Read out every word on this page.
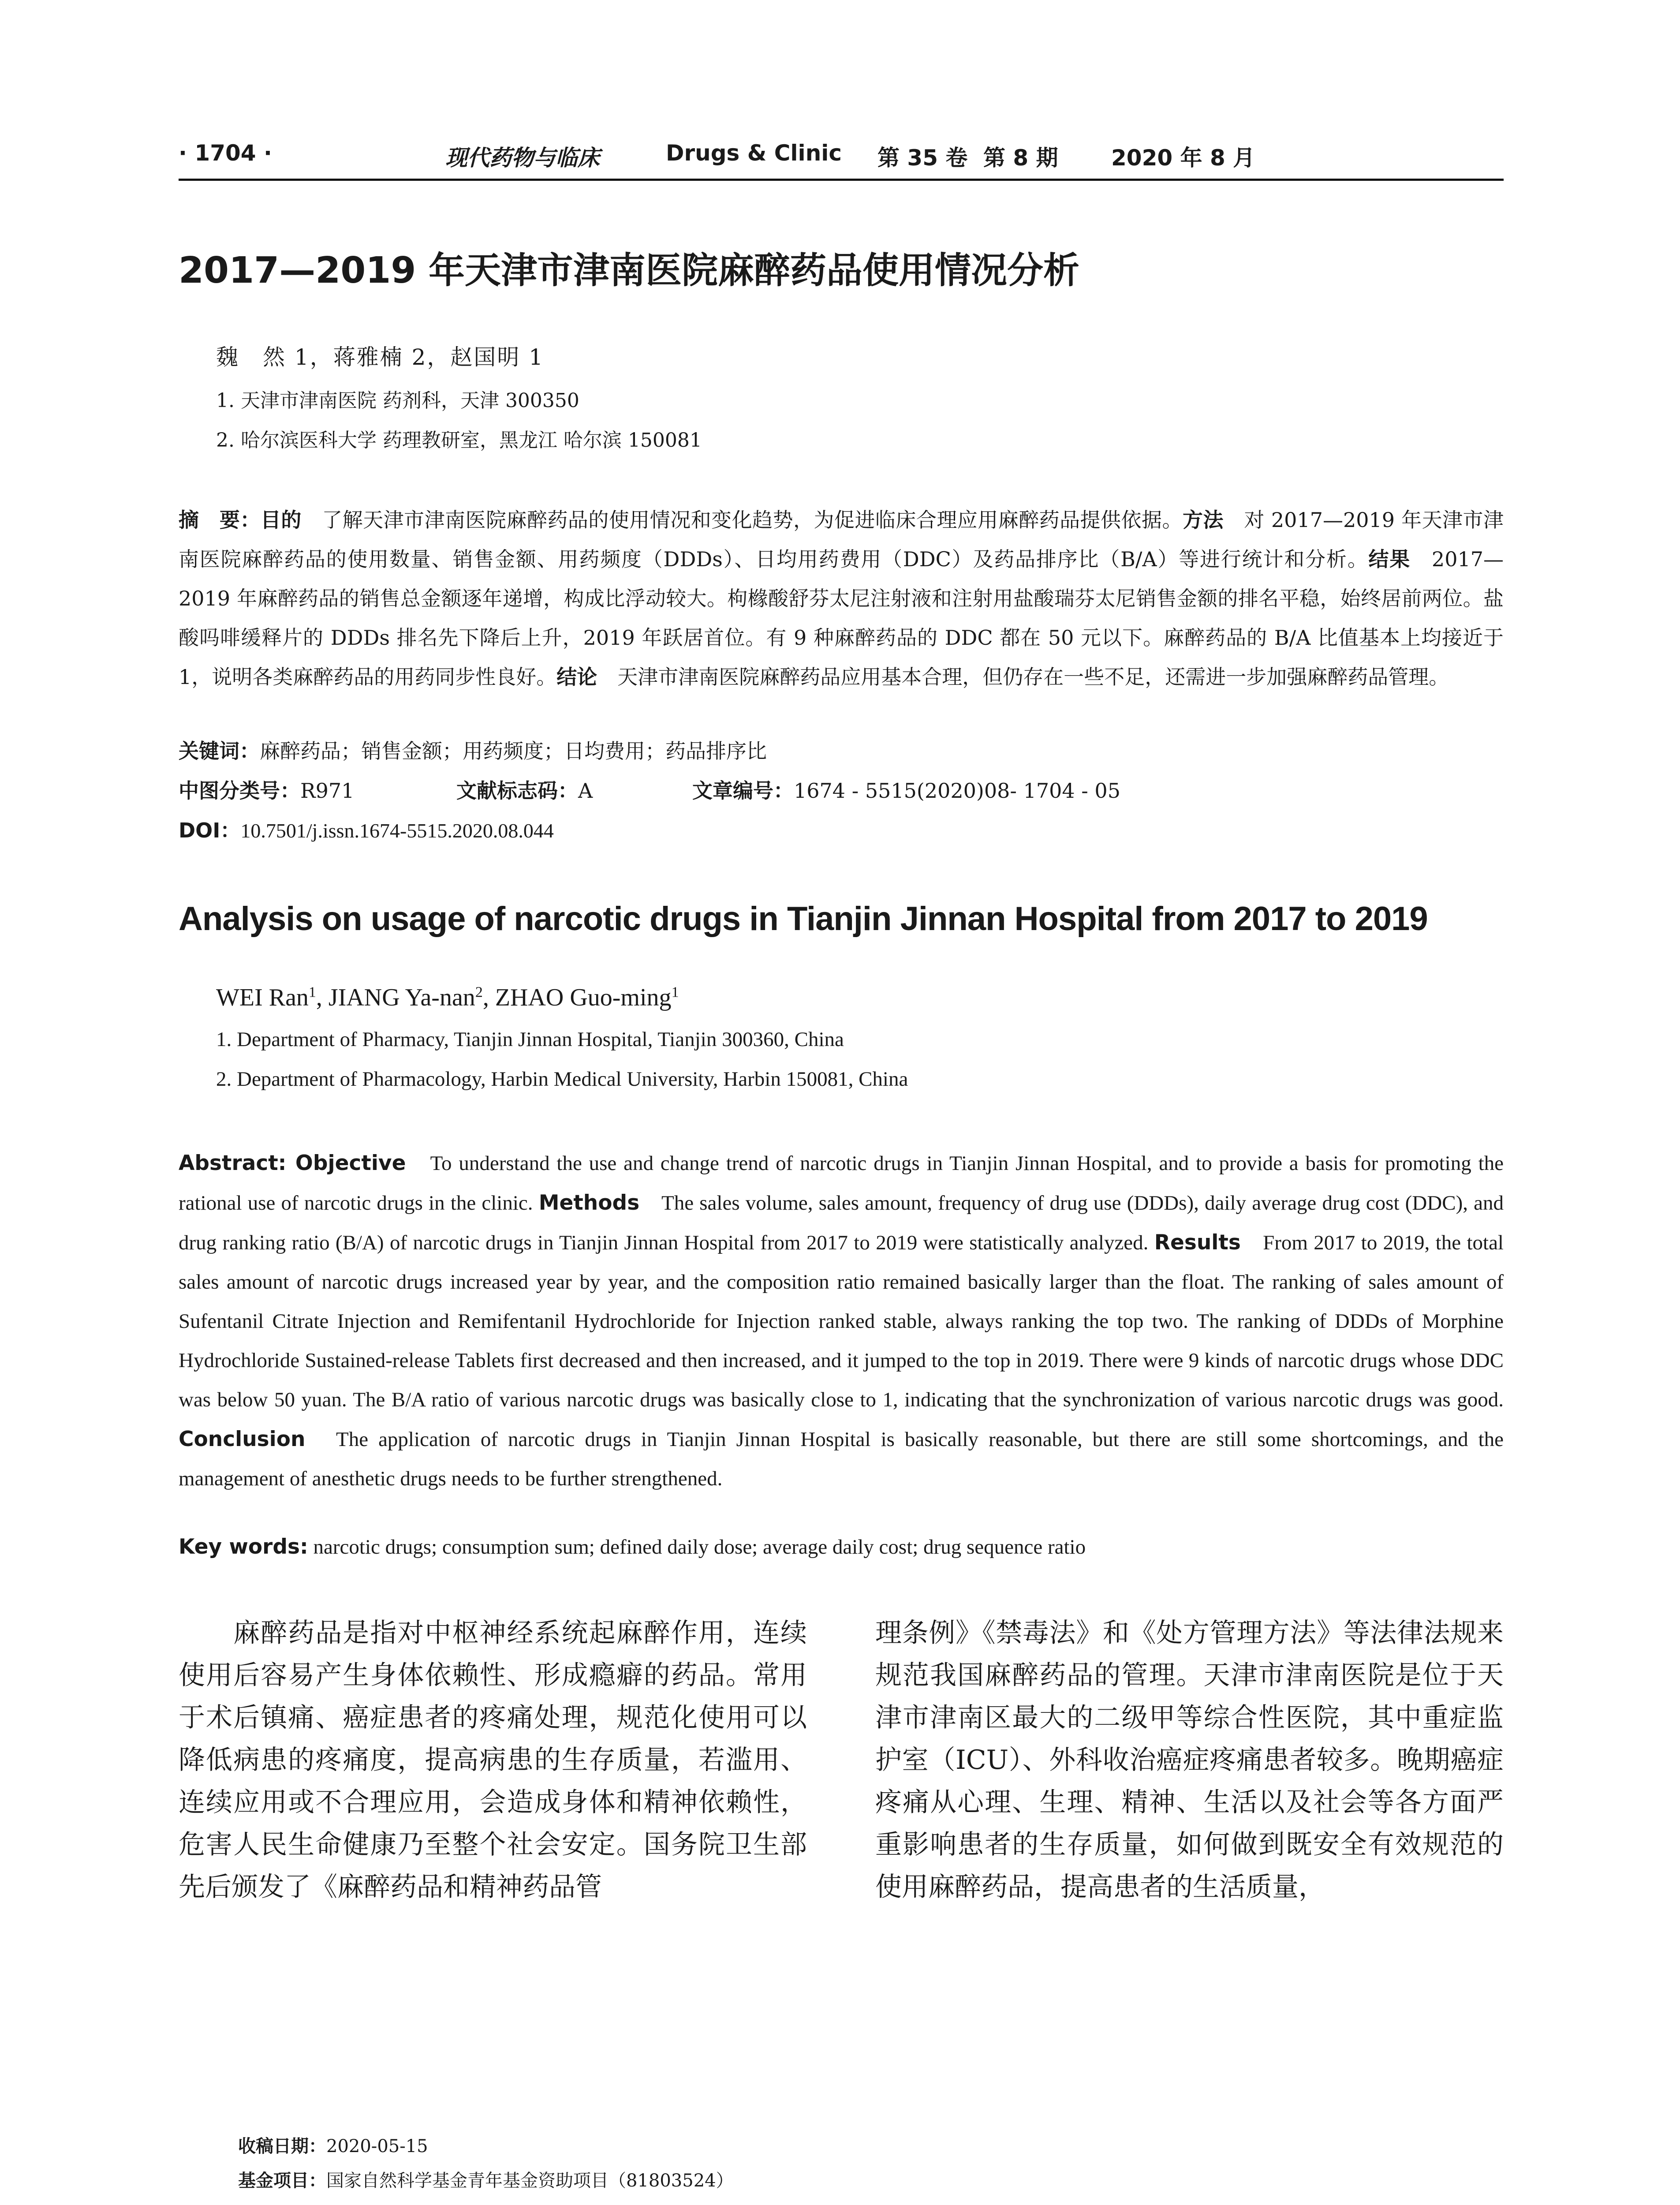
· 1704 ·	现代药物与临床	Drugs & Clinic 第 35 卷 第 8 期 2020 年 8 月
2017—2019 年天津市津南医院麻醉药品使用情况分析
魏　然 1，蒋雅楠 2，赵国明 1
1. 天津市津南医院 药剂科，天津 300350
2. 哈尔滨医科大学 药理教研室，黑龙江 哈尔滨 150081
摘　要：目的　了解天津市津南医院麻醉药品的使用情况和变化趋势，为促进临床合理应用麻醉药品提供依据。方法　对 2017—2019 年天津市津南医院麻醉药品的使用数量、销售金额、用药频度（DDDs）、日均用药费用（DDC）及药品排序比（B/A）等进行统计和分析。结果　2017—2019 年麻醉药品的销售总金额逐年递增，构成比浮动较大。枸橼酸舒芬太尼注射液和注射用盐酸瑞芬太尼销售金额的排名平稳，始终居前两位。盐酸吗啡缓释片的 DDDs 排名先下降后上升，2019 年跃居首位。有 9 种麻醉药品的 DDC 都在 50 元以下。麻醉药品的 B/A 比值基本上均接近于 1，说明各类麻醉药品的用药同步性良好。结论　天津市津南医院麻醉药品应用基本合理，但仍存在一些不足，还需进一步加强麻醉药品管理。
关键词：麻醉药品；销售金额；用药频度；日均费用；药品排序比
中图分类号：R971	文献标志码：A	文章编号：1674 - 5515(2020)08- 1704 - 05
DOI：10.7501/j.issn.1674-5515.2020.08.044
Analysis on usage of narcotic drugs in Tianjin Jinnan Hospital from 2017 to 2019
WEI Ran$^1$, JIANG Ya-nan$^2$, ZHAO Guo-ming$^1$
1. Department of Pharmacy, Tianjin Jinnan Hospital, Tianjin 300360, China
2. Department of Pharmacology, Harbin Medical University, Harbin 150081, China
Abstract: Objective　To understand the use and change trend of narcotic drugs in Tianjin Jinnan Hospital, and to provide a basis for promoting the rational use of narcotic drugs in the clinic. Methods　The sales volume, sales amount, frequency of drug use (DDDs), daily average drug cost (DDC), and drug ranking ratio (B/A) of narcotic drugs in Tianjin Jinnan Hospital from 2017 to 2019 were statistically analyzed. Results　From 2017 to 2019, the total sales amount of narcotic drugs increased year by year, and the composition ratio remained basically larger than the float. The ranking of sales amount of Sufentanil Citrate Injection and Remifentanil Hydrochloride for Injection ranked stable, always ranking the top two. The ranking of DDDs of Morphine Hydrochloride Sustained-release Tablets first decreased and then increased, and it jumped to the top in 2019. There were 9 kinds of narcotic drugs whose DDC was below 50 yuan. The B/A ratio of various narcotic drugs was basically close to 1, indicating that the synchronization of various narcotic drugs was good. Conclusion　The application of narcotic drugs in Tianjin Jinnan Hospital is basically reasonable, but there are still some shortcomings, and the management of anesthetic drugs needs to be further strengthened.
Key words: narcotic drugs; consumption sum; defined daily dose; average daily cost; drug sequence ratio
　　麻醉药品是指对中枢神经系统起麻醉作用，连续使用后容易产生身体依赖性、形成瘾癖的药品。常用于术后镇痛、癌症患者的疼痛处理，规范化使用可以降低病患的疼痛度，提高病患的生存质量，若滥用、连续应用或不合理应用，会造成身体和精神依赖性，危害人民生命健康乃至整个社会安定。国务院卫生部先后颁发了《麻醉药品和精神药品管
理条例》《禁毒法》和《处方管理方法》等法律法规来规范我国麻醉药品的管理。天津市津南医院是位于天津市津南区最大的二级甲等综合性医院，其中重症监护室（ICU）、外科收治癌症疼痛患者较多。晚期癌症疼痛从心理、生理、精神、生活以及社会等各方面严重影响患者的生存质量，如何做到既安全有效规范的使用麻醉药品，提高患者的生活质量，
收稿日期：2020-05-15
基金项目：国家自然科学基金青年基金资助项目（81803524）
